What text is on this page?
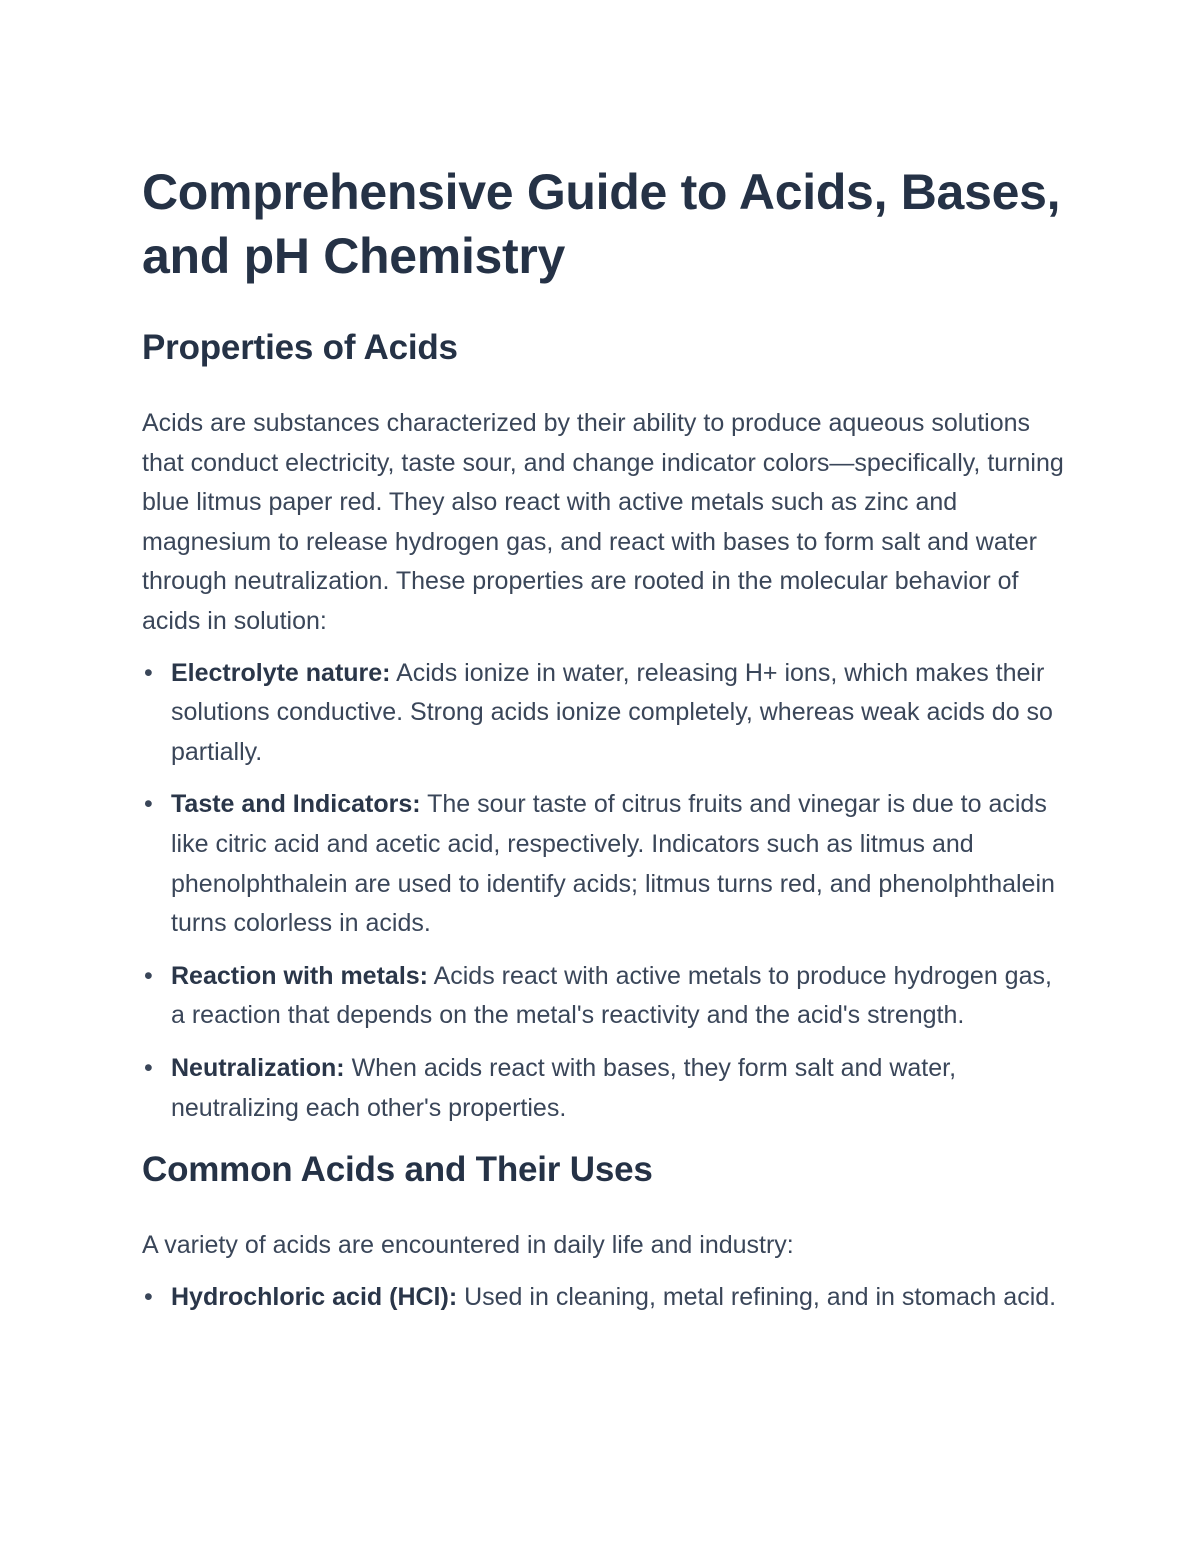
Comprehensive Guide to Acids, Bases, and pH Chemistry
Properties of Acids

Acids are substances characterized by their ability to produce aqueous solutions that conduct electricity, taste sour, and change indicator colors—specifically, turning blue litmus paper red. They also react with active metals such as zinc and magnesium to release hydrogen gas, and react with bases to form salt and water through neutralization. These properties are rooted in the molecular behavior of acids in solution:

• Electrolyte nature: Acids ionize in water, releasing H+ ions, which makes their solutions conductive. Strong acids ionize completely, whereas weak acids do so partially.
• Taste and Indicators: The sour taste of citrus fruits and vinegar is due to acids like citric acid and acetic acid, respectively. Indicators such as litmus and phenolphthalein are used to identify acids; litmus turns red, and phenolphthalein turns colorless in acids.
• Reaction with metals: Acids react with active metals to produce hydrogen gas, a reaction that depends on the metal's reactivity and the acid's strength.
• Neutralization: When acids react with bases, they form salt and water, neutralizing each other's properties.
Common Acids and Their Uses

A variety of acids are encountered in daily life and industry:

• Hydrochloric acid (HCl): Used in cleaning, metal refining, and in stomach acid.
